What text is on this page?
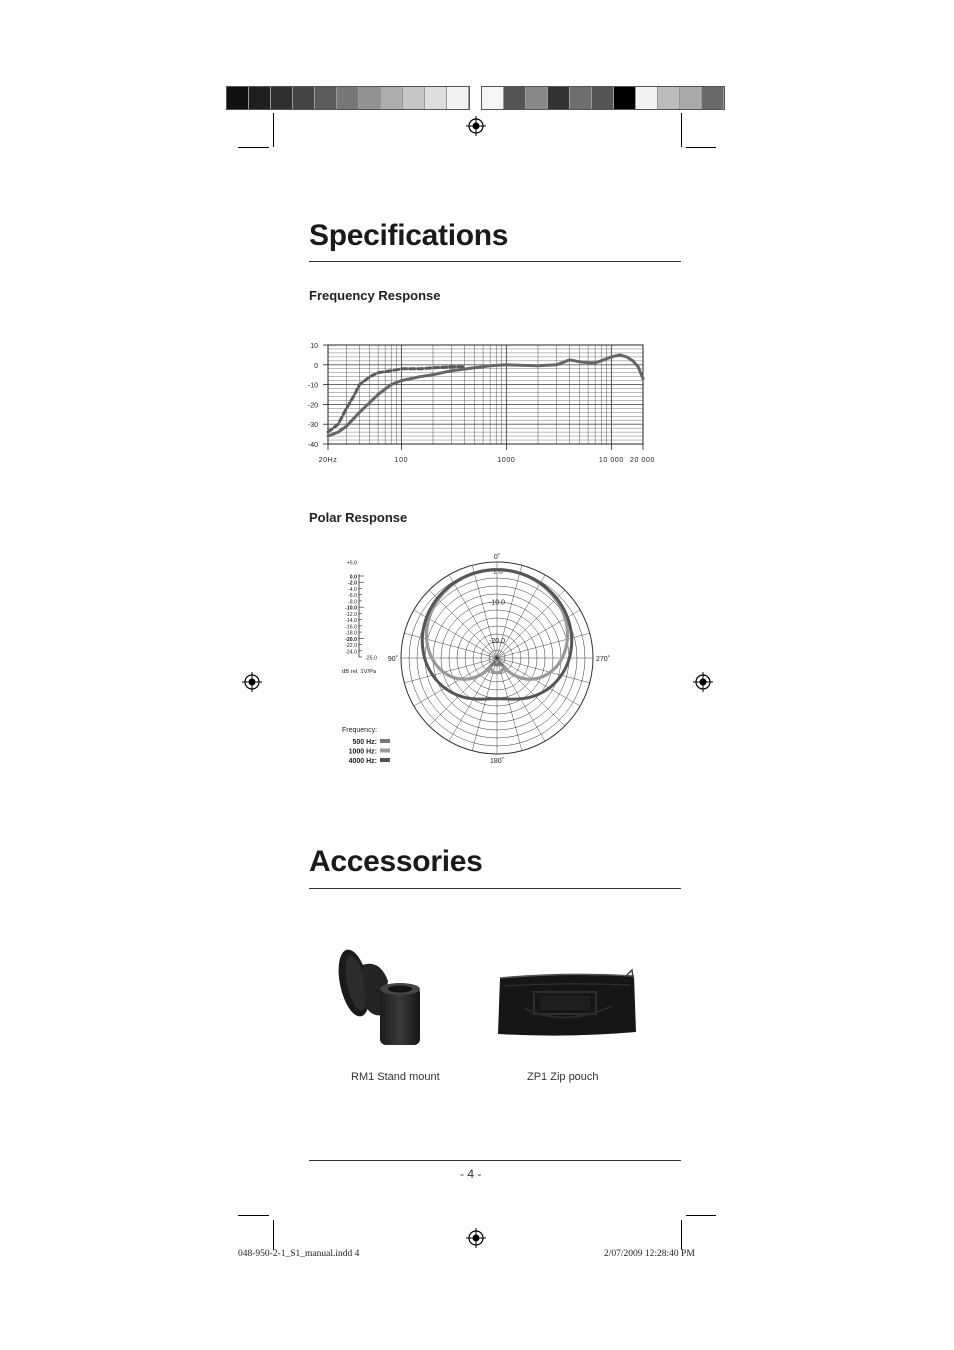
Specifications
Frequency Response
10
0
-10
-20
-30
-40
20Hz	100	1000	10 000 20 000
Polar Response
-2.0
-10.0
-20.0
0˚
90˚
180˚
270˚
+5.0
0.0
-2.0
-4.0
-6.0
-8.0
-10.0
-12.0
-14.0
-16.0
-18.0
-20.0
-22.0
-24.0
-25.0
dB rel. 1V/Pa
Frequency:
500 Hz:
1000 Hz:
4000 Hz:
Accessories
RM1 Stand mount	ZP1 Zip pouch
- 4 -
048-950-2-1_S1_manual.indd 4	2/07/2009 12:28:40 PM
